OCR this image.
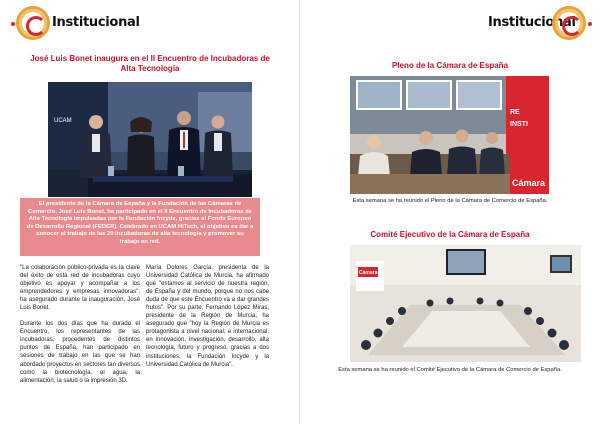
Institucional
José Luis Bonet inaugura en el II Encuentro de Incubadoras de Alta Tecnología
UCAM
El presidente de la Cámara de España y la Fundación de las Cámaras de Comercio, José Luis Bonet, ha participado en el II Encuentro de Incubadoras de Alta Tecnología impulsadas por la Fundación Incyde, gracias al Fondo Europeo de Desarrollo Regional (FEDER). Celebrado en UCAM HiTech, el objetivo es dar a conocer el trabajo de las 20 incubadoras de alta tecnología y promover su trabajo en red.

"La colaboración público-privada es la clave del éxito de esta red de incubadoras cuyo objetivo es apoyar y acompañar a los emprendedores y empresas innovadoras", ha asegurado durante la inauguración, José Luis Bonet.

Durante los dos días que ha durado el Encuentro, los representantes de las incubadoras, procedentes de distintos puntos de España, han participado en sesiones de trabajo en las que se han abordado proyectos en sectores tan diversos como la biotecnología, el agua, la alimentación, la salud o la impresión 3D.

María Dolores García, presidenta de la Universidad Católica de Murcia, ha afirmado que "estamos al servicio de nuestra región, de España y del mundo, porque no nos cabe duda de que este Encuentro va a dar grandes frutos". Por su parte, Fernando López Miras, presidente de la Región de Murcia, ha asegurado que "hoy la Región de Murcia es protagonista a nivel nacional, e internacional, en innovación, investigación, desarrollo, alta tecnología, futuro y progreso, gracias a dos instituciones, la Fundación Incyde y la Universidad Católica de Murcia".

Institucional
Pleno de la Cámara de España
RE
INSTI
Cámara
Esta semana se ha reunido el Pleno de la Cámara de Comercio de España.
Comité Ejecutivo de la Cámara de España
Cámara
Esta semana se ha reunido el Comité Ejecutivo de la Cámara de Comercio de España.
